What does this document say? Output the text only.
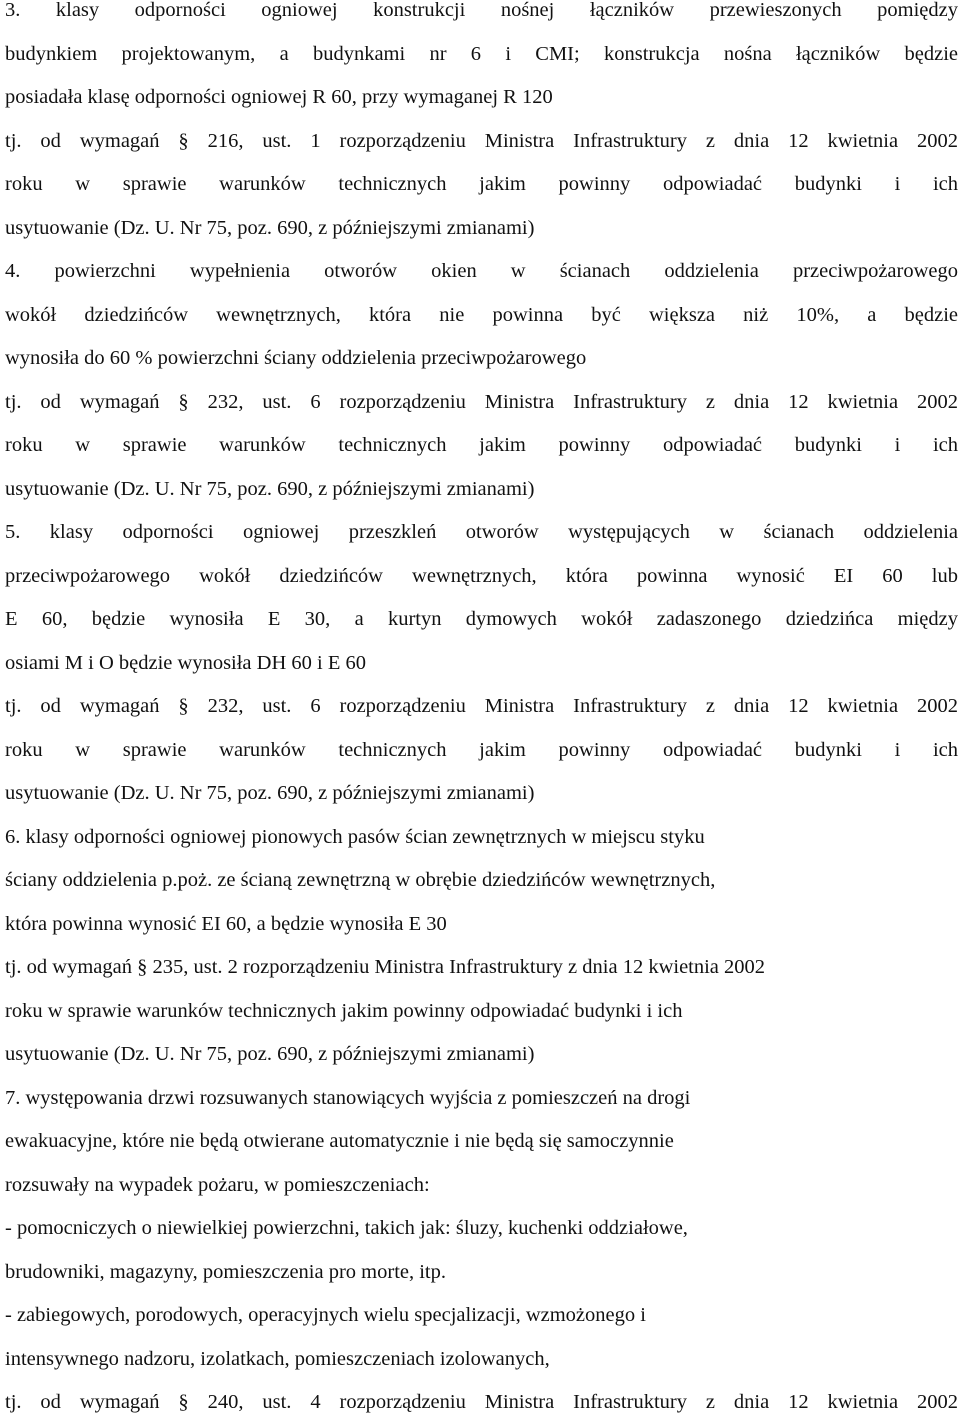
3. klasy odporności ogniowej konstrukcji nośnej łączników przewieszonych pomiędzy
budynkiem projektowanym, a budynkami nr 6 i CMI; konstrukcja nośna łączników będzie
posiadała klasę odporności ogniowej R 60, przy wymaganej R 120
tj. od wymagań § 216, ust. 1 rozporządzeniu Ministra Infrastruktury z dnia 12 kwietnia 2002
roku w sprawie warunków technicznych jakim powinny odpowiadać budynki i ich
usytuowanie (Dz. U. Nr 75, poz. 690, z późniejszymi zmianami)
4. powierzchni wypełnienia otworów okien w ścianach oddzielenia przeciwpożarowego
wokół dziedzińców wewnętrznych, która nie powinna być większa niż 10%, a będzie
wynosiła do 60 % powierzchni ściany oddzielenia przeciwpożarowego
tj. od wymagań § 232, ust. 6 rozporządzeniu Ministra Infrastruktury z dnia 12 kwietnia 2002
roku w sprawie warunków technicznych jakim powinny odpowiadać budynki i ich
usytuowanie (Dz. U. Nr 75, poz. 690, z późniejszymi zmianami)
5. klasy odporności ogniowej przeszkleń otworów występujących w ścianach oddzielenia
przeciwpożarowego wokół dziedzińców wewnętrznych, która powinna wynosić EI 60 lub
E 60, będzie wynosiła E 30, a kurtyn dymowych wokół zadaszonego dziedzińca między
osiami M i O będzie wynosiła DH 60 i E 60
tj. od wymagań § 232, ust. 6 rozporządzeniu Ministra Infrastruktury z dnia 12 kwietnia 2002
roku w sprawie warunków technicznych jakim powinny odpowiadać budynki i ich
usytuowanie (Dz. U. Nr 75, poz. 690, z późniejszymi zmianami)
6. klasy odporności ogniowej pionowych pasów ścian zewnętrznych w miejscu styku
ściany oddzielenia p.poż. ze ścianą zewnętrzną w obrębie dziedzińców wewnętrznych,
która powinna wynosić EI 60, a będzie wynosiła E 30
tj. od wymagań § 235, ust. 2 rozporządzeniu Ministra Infrastruktury z dnia 12 kwietnia 2002
roku w sprawie warunków technicznych jakim powinny odpowiadać budynki i ich
usytuowanie (Dz. U. Nr 75, poz. 690, z późniejszymi zmianami)
7. występowania drzwi rozsuwanych stanowiących wyjścia z pomieszczeń na drogi
ewakuacyjne, które nie będą otwierane automatycznie i nie będą się samoczynnie
rozsuwały na wypadek pożaru, w pomieszczeniach:
- pomocniczych o niewielkiej powierzchni, takich jak: śluzy, kuchenki oddziałowe,
brudowniki, magazyny, pomieszczenia pro morte, itp.
- zabiegowych, porodowych, operacyjnych wielu specjalizacji, wzmożonego i
intensywnego nadzoru, izolatkach, pomieszczeniach izolowanych,
tj. od wymagań § 240, ust. 4 rozporządzeniu Ministra Infrastruktury z dnia 12 kwietnia 2002
